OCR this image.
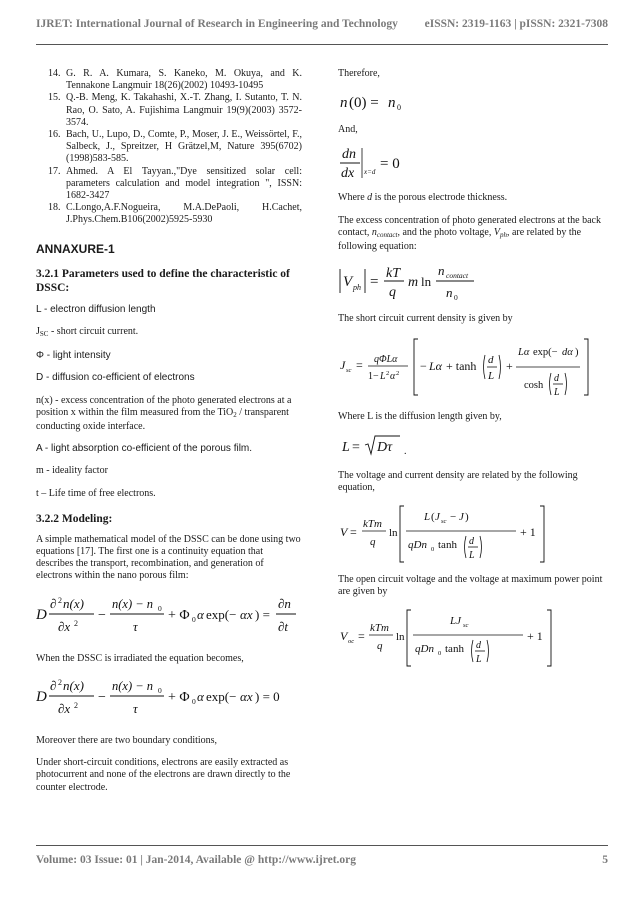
IJRET: International Journal of Research in Engineering and Technology eISSN: 2319-1163 | pISSN: 2321-7308
14. G. R. A. Kumara, S. Kaneko, M. Okuya, and K. Tennakone Langmuir 18(26)(2002) 10493-10495
15. Q.-B. Meng, K. Takahashi, X.-T. Zhang, I. Sutanto, T. N. Rao, O. Sato, A. Fujishima Langmuir 19(9)(2003) 3572-3574.
16. Bach, U., Lupo, D., Comte, P., Moser, J. E., Weissörtel, F., Salbeck, J., Spreitzer, H Grätzel,M, Nature 395(6702)(1998)583-585.
17. Ahmed. A El Tayyan.,"Dye sensitized solar cell: parameters calculation and model integration ", ISSN: 1682-3427
18. C.Longo,A.F.Nogueira, M.A.DePaoli, H.Cachet, J.Phys.Chem.B106(2002)5925-5930
ANNAXURE-1
3.2.1 Parameters used to define the characteristic of DSSC:
L - electron diffusion length
$J_{SC}$ - short circuit current.
Φ - light intensity
D - diffusion co-efficient of electrons
n(x) - excess concentration of the photo generated electrons at a position x within the film measured from the TiO$_2$ / transparent conducting oxide interface.
A - light absorption co-efficient of the porous film.
m - ideality factor
t – Life time of free electrons.
3.2.2 Modeling:
A simple mathematical model of the DSSC can be done using two equations [17]. The first one is a continuity equation that describes the transport, recombination, and generation of electrons within the nano porous film:
D
∂ 2 n(x)
∂x 2
−
n(x) − n 0
τ
+ Φ 0 α exp(− αx ) =
∂n
∂t
When the DSSC is irradiated the equation becomes,
D
∂ 2 n(x)
∂x 2
−
n(x) − n 0
τ
+ Φ 0 α exp(− αx ) = 0
Moreover there are two boundary conditions,
Under short-circuit conditions, electrons are easily extracted as photocurrent and none of the electrons are drawn directly to the counter electrode.
Therefore,
n (0) = n 0
And,
dn
dx x=d = 0
Where d is the porous electrode thickness.
The excess concentration of photo generated electrons at the back contact, $n_{contact}$, and the photo voltage, $V_{ph}$, are related by the following equation:
V ph =
kT
q
m ln
n contact
n 0
The short circuit current density is given by
J sc = qΦLα
1− L 2 α 2
− Lα + tanh d
L
+
Lα exp(− dα )
cosh
d
L
Where L is the diffusion length given by,
L = Dτ .
The voltage and current density are related by the following equation,
V =
kTm
q
ln
L ( J sc − J )
qDn 0 tanh d
L
+ 1
The open circuit voltage and the voltage at maximum power point are given by
V oc =
kTm
q
ln
LJ sc
qDn 0 tanh d
L
+ 1
Volume: 03 Issue: 01 | Jan-2014, Available @ http://www.ijret.org	5
